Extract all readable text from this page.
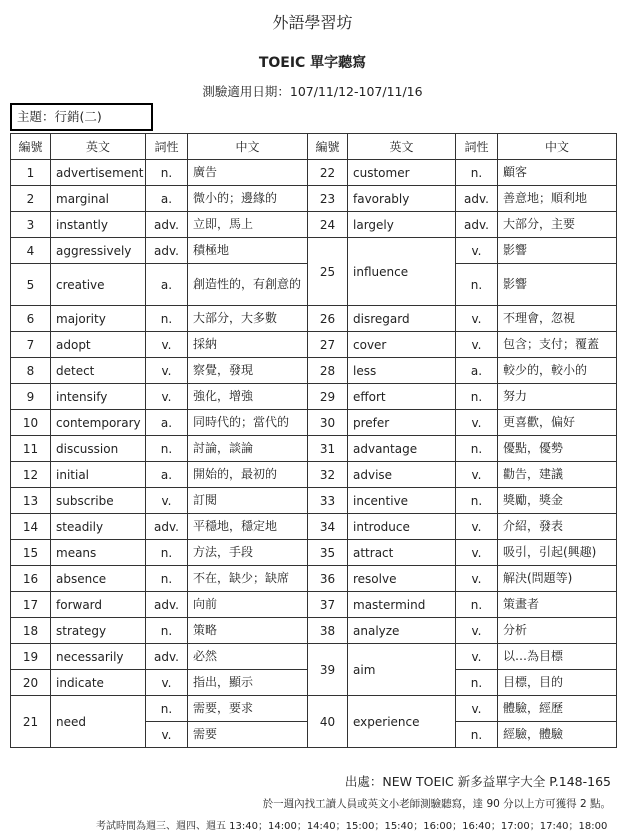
外語學習坊
TOEIC 單字聽寫
測驗適用日期：107/11/12-107/11/16
主題：行銷(二)
編號	英文	詞性	中文	編號	英文	詞性	中文
1	advertisement	n.	廣告	22	customer	n.	顧客
2	marginal	a.	微小的；邊緣的	23	favorably	adv.	善意地；順利地
3	instantly	adv.	立即，馬上	24	largely	adv.	大部分，主要
4	aggressively	adv.	積極地	25	influence	v.	影響
5	creative	a.	創造性的，有創意的			n.	影響
6	majority	n.	大部分，大多數	26	disregard	v.	不理會，忽視
7	adopt	v.	採納	27	cover	v.	包含；支付；覆蓋
8	detect	v.	察覺，發現	28	less	a.	較少的，較小的
9	intensify	v.	強化，增強	29	effort	n.	努力
10	contemporary	a.	同時代的；當代的	30	prefer	v.	更喜歡，偏好
11	discussion	n.	討論，談論	31	advantage	n.	優點，優勢
12	initial	a.	開始的，最初的	32	advise	v.	勸告，建議
13	subscribe	v.	訂閱	33	incentive	n.	獎勵，獎金
14	steadily	adv.	平穩地，穩定地	34	introduce	v.	介紹，發表
15	means	n.	方法，手段	35	attract	v.	吸引，引起(興趣)
16	absence	n.	不在，缺少；缺席	36	resolve	v.	解決(問題等)
17	forward	adv.	向前	37	mastermind	n.	策畫者
18	strategy	n.	策略	38	analyze	v.	分析
19	necessarily	adv.	必然	39	aim	v.	以…為目標
20	indicate	v.	指出，顯示			n.	目標，目的
21	need	n.	需要，要求	40	experience	v.	體驗，經歷
		v.	需要			n.	經驗，體驗
出處：NEW TOEIC 新多益單字大全 P.148-165
於一週內找工讀人員或英文小老師測驗聽寫，達 90 分以上方可獲得 2 點。
考試時間為週三、週四、週五 13:40；14:00；14:40；15:00；15:40；16:00；16:40；17:00；17:40；18:00
